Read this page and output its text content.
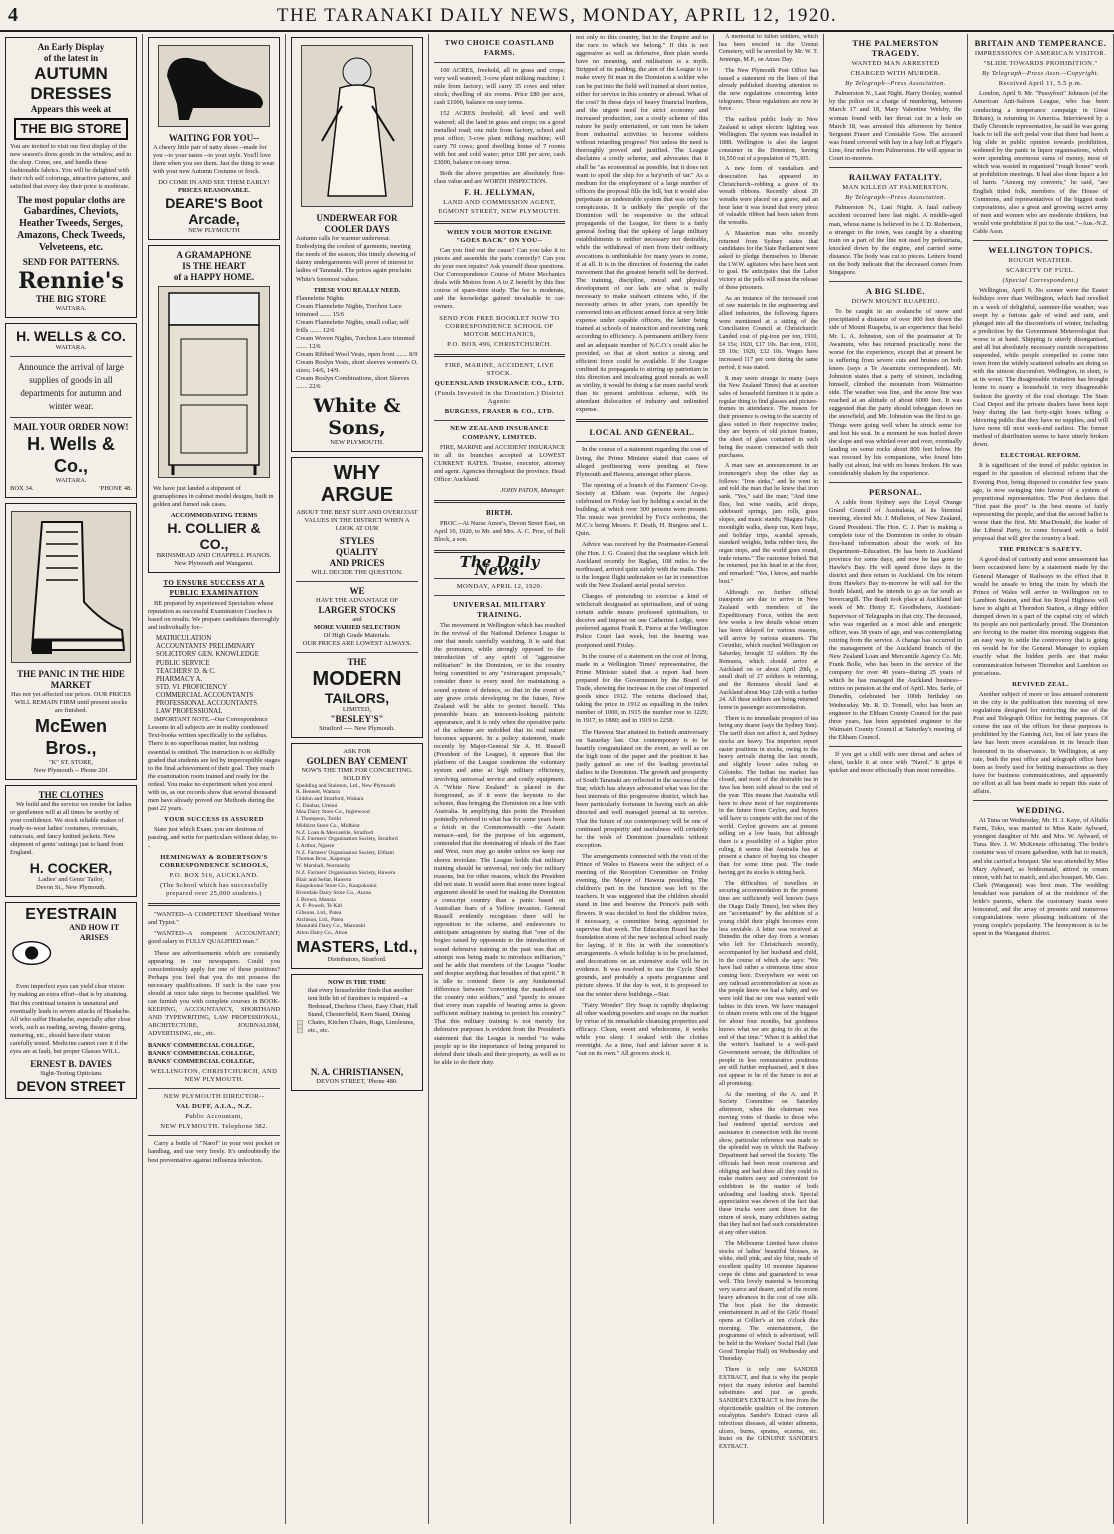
4	THE TARANAKI DAILY NEWS, MONDAY, APRIL 12, 1920.
An Early Display
of the latest in
AUTUMN
DRESSES
Appears this week at
THE BIG STORE

You are invited to visit our first display of the new season's dress goods in the window, and in the shop. Come, see, and handle these fashionable fabrics. You will be delighted with their rich self colorings, attractive patterns, and satisfied that every day their price is moderate.

The most popular cloths are
Gabardines, Cheviots, Heather Tweeds, Serges, Amazons, Check Tweeds, Velveteens, etc.
SEND FOR PATTERNS.
Rennie's
THE BIG STORE
WAITARA.
H. WELLS & CO.
WAITARA.
Announce the arrival of large supplies of goods in all departments for autumn and winter wear.
MAIL YOUR ORDER NOW!
H. Wells & Co.,
WAITARA.
BOX 34.	'PHONE 48.
THE PANIC IN THE HIDE MARKET
Has not yet affected our prices. OUR PRICES WILL REMAIN FIRM until present stocks are finished.
McEwen Bros.,
"K" ST. STORE,
New Plymouth -- Phone 201
THE CLOTHES

We build and the service we render for ladies or gentlemen will at all times be worthy of your confidence. We stock reliable makes of ready-to-wear ladies' costumes, overcoats, raincoats, and fancy knitted jackets. New shipment of gents' suitings just to hand from England.

H. COCKER,
Ladies' and Gents' Tailor,
Devon St., New Plymouth.
EYESTRAIN
AND HOW IT ARISES

Even imperfect eyes can yield clear vision by making an extra effort--that is by straining. But this continual tension is unnatural and eventually leads to severe attacks of Headache. All who suffer Headache, especially after close work, such as reading, sewing, theatre-going, motoring, etc., should have their vision carefully tested. Medicine cannot cure it if the eyes are at fault, but proper Glasses WILL.

ERNEST B. DAVIES
Sight-Testing Opticians
DEVON STREET
WAITING FOR YOU--

A cheery little pair of natty shoes --made for you --to your tastes --to your style. You'll love them when you see them. Just the thing to wear with your new Autumn Costume or frock.

DO COME IN AND SEE THEM EARLY!
PRICES REASONABLE.
DEARE'S Boot Arcade,
NEW PLYMOUTH
A GRAMAPHONE
IS THE HEART
of a HAPPY HOME.

We have just landed a shipment of gramaphones in cabinet model designs, built in golden and fumed oak cases.

ACCOMMODATING TERMS
H. COLLIER & CO.,
BRINSMEAD AND CHAPPELL PIANOS.
New Plymouth and Wanganui.
TO ENSURE SUCCESS AT A PUBLIC EXAMINATION

BE prepared by experienced Specialists whose reputation as successful Examination Coaches is based on results. We prepare candidates thoroughly and individually for--

MATRICULATION
ACCOUNTANTS' PRELIMINARY
SOLICITORS' GEN. KNOWLEDGE
PUBLIC SERVICE
TEACHERS' D. & C.
PHARMACY A.
STD. VI. PROFICIENCY
COMMERCIAL ACCOUNTANTS
PROFESSIONAL ACCOUNTANTS
LAW PROFESSIONAL

IMPORTANT NOTE.--Our Correspondence Lessons in all subjects are in reality condensed Text-books written specifically to the syllabus. There is no superfluous matter, but nothing essential is omitted. The instruction is so skilfully graded that students are led by imperceptible stages to the final achievement of their goal. They reach the examination room trained and ready for the ordeal. You make no experiment when you enrol with us, as our records show that several thousand men have already proved our Methods during the past 22 years.

YOUR SUCCESS IS ASSURED

State just which Exam. you are desirous of passing, and write for particulars without delay, to--

HEMINGWAY & ROBERTSON'S CORRESPONDENCE SCHOOLS,
P.O. BOX 516, AUCKLAND.
(The School which has successfully prepared over 25,000 students.)

"WANTED--A COMPETENT Shorthand Writer and Typist."

"WANTED--A competent ACCOUNTANT; good salary to FULLY QUALIFIED man."

These are advertisements which are constantly appearing in our newspapers. Could you conscientiously apply for one of these positions? Perhaps you feel that you do not possess the necessary qualifications. If such is the case you should at once take steps to become qualified. We can furnish you with complete courses in BOOK-KEEPING, ACCOUNTANCY, SHORTHAND AND TYPEWRITING, LAW PROFESSIONAL, ARCHITECTURE, JOURNALISM, ADVERTISING, etc., etc.

BANKS' COMMERCIAL COLLEGE,
BANKS' COMMERCIAL COLLEGE,
BANKS' COMMERCIAL COLLEGE,
WELLINGTON, CHRISTCHURCH, AND NEW PLYMOUTH.
NEW PLYMOUTH DIRECTOR--
VAL DUFF, A.I.A., N.Z.
Public Accountant,
NEW PLYMOUTH. Telephone 382.

Carry a bottle of "Narol" in your vest pocket or handbag, and use very freely. It's undoubtedly the best preventative against influenza infection.

UNDERWEAR FOR COOLER DAYS

Autumn calls for warmer underwear. Embodying the coolest of garments, meeting the needs of the season, this timely showing of dainty undergarments will prove of interest to ladies of Taranaki. The prices again proclaim White's foremost values.

THESE YOU REALLY NEED.
Flannelette Nights
Cream Flannelette Nights, Torchon Lace trimmed ....... 15/6
Cream Flannelette Nights, small collar, self frills ....... 12/6
Cream Woven Nights, Torchon Lace trimmed ....... 12/6
Cream Ribbed Wool Vests, open front ....... 8/9
Cream Roslyn Vests, short sleeves women's O. sizes; 14/6, 14/9.
Cream Roslyn Combinations, short Sleeves ....... 22/6
White & Sons,
NEW PLYMOUTH.
WHY
ARGUE
ABOUT THE BEST SUIT AND OVERCOAT VALUES IN THE DISTRICT WHEN A LOOK AT OUR
STYLES
QUALITY
AND PRICES
WILL DECIDE THE QUESTION.
WE
HAVE THE ADVANTAGE OF
LARGER STOCKS
and
MORE VARIED SELECTION
Of High Grade Materials.
OUR PRICES ARE LOWEST ALWAYS.
THE
MODERN
TAILORS,
LIMITED,
"BESLEY'S"
Stratford ---- New Plymouth.
ASK FOR
GOLDEN BAY CEMENT
NOW'S THE TIME FOR CONCRETING.
SOLD BY
Spedding and Stainton, Ltd., New Plymouth
R. Bennett, Waitara
Giddon and Stratford, Waitara
C. Dunbar, Urenui
Moa Dairy Store Co., Inglewood
J. Thompson, Toriki
Midhirst Store Co., Midhirst
N.Z. Loan & Mercantile, Stratford
N.Z. Farmers' Organisation Society, Stratford
J. Arthur, Ngaere
N.Z. Farmers' Organisation Society, Eltham
Thomas Bros., Kaponga
W. Marshall, Normanby
N.Z. Farmers' Organisation Society, Hawera
Blair and Sellar, Hawera
Kaupokonui Store Co., Kaupokonui
Riverdale Dairy Store Co., Auroa
J. Brown, Manaia
A. F. Powell, Te Kiri
Gibsons, Ltd., Patea
Atchison, Ltd., Patea
Manutahi Dairy Co., Manutahi
Alton Dairy Co., Alton
MASTERS, Ltd.,
Distributors, Stratford.
NOW IS THE TIME

that every householder finds that another tent little bit of furniture is required --a Bedstead, Duchess Chest, Easy Chair, Hall Stand, Chesterfield, Kern Stand, Dining Chairs, Kitchen Chairs, Rugs, Linoleums, etc., etc.

N. A. CHRISTIANSEN,
DEVON STREET, 'Phone 480.
TWO CHOICE COASTLAND FARMS.

100 ACRES, freehold, all in grass and crops; very well watered; 3-cow plant milking machine; 1 mile from factory; will carry 35 cows and other stock; dwelling of six rooms. Price £80 per acre, cash £1000, balance on easy terms.

152 ACRES freehold; all level and well watered; all the land in grass and crops; on a good metalled road; one mile from factory, school and post office; 3-cow plant milking machine; will carry 70 cows; good dwelling house of 7 rooms with hot and cold water; price £80 per acre, cash £3000, balance on easy terms.

Both the above properties are absolutely first-class value and are WORTH INSPECTION.

F. H. JELLYMAN,
LAND AND COMMISSION AGENT, EGMONT STREET, NEW PLYMOUTH.
WHEN YOUR MOTOR ENGINE "GOES BACK" ON YOU--

Can you find out the cause? Can you take it to pieces and assemble the parts correctly? Can you do your own repairs? Ask yourself these questions. Our Correspondence Course of Motor Mechanics deals with Motors from A to Z benefit by this fine course of spare-time study. The fee is moderate, and the knowledge gained invaluable to car-owners.

SEND FOR FREE BOOKLET NOW TO CORRESPONDENCE SCHOOL OF MOTOR MECHANICS,
P.O. BOX 496, CHRISTCHURCH.
FIRE, MARINE, ACCIDENT, LIVE STOCK.
QUEENSLAND INSURANCE CO., LTD.
(Funds Invested in the Dominion.) District Agents:
BURGESS, FRASER & CO., LTD.
NEW ZEALAND INSURANCE COMPANY, LIMITED.

FIRE, MARINE and ACCIDENT INSURANCE in all its branches accepted at LOWEST CURRENT RATES. Trustee, executor, attorney and agent. Agencies throughout the province. Head Office: Auckland.

JOHN PATON, Manager.
BIRTH.

PROC.--At Nurse Amor's, Devon Street East, on April 10, 1920, to Mr. and Mrs. A. C. Proc, of Bell Block, a son.

The Daily News.
MONDAY, APRIL 12, 1920.
UNIVERSAL MILITARY TRAINING.

The movement in Wellington which has resulted in the revival of the National Defence League is one that needs carefully watching. It is said that the promoters, while strongly opposed to the introduction of any spirit of "aggressive militarism" in the Dominion, or to the country being committed to any "extravagant proposals," consider there is every need for maintaining a sound system of defence, so that in the event of any grave crisis developing in the future, New Zealand will be able to protect herself. This preamble bears an innocent-looking patriotic appearance, and it is only when the operative parts of the scheme are unfolded that its real nature becomes apparent. In a policy statement, made recently by Major-General Sir A. H. Russell (President of the League), it appears that the platform of the League condemns the voluntary system and aims at high military efficiency, involving universal service and costly equipment. A "White New Zealand" is placed in the foreground, as if it were the keynote to the scheme, thus bringing the Dominion on a line with Australia. In amplifying this point the President pointedly referred to what has for some years been a fetish in the Commonwealth --the Asiatic menace--and, for the purpose of his argument, contended that the dominating of ideals of the East and West, ours may go under unless we keep our shores inviolate. The League holds that military training should be universal, not only for military reasons, but for other reasons, which the President did not state. It would seem that some more logical argument should be used for making the Dominion a conscript country than a panic based on Australian fears of a Yellow invasion. General Russell evidently recognises there will be opposition to the scheme, and endeavours to anticipate antagonism by stating that "one of the bogies raised by opponents to the introduction of sound defensive training in the past was that an attempt was being made to introduce militarism," and he adds that members of the League "loathe and despise anything that breathes of that spirit." It is idle to contend there is any fundamental difference between "converting the manhood of the country into soldiers," and "purely to ensure that every man capable of bearing arms is given sufficient military training to protect his country." That this military training is not merely for defensive purposes is evident from the President's statement that the League is needed "to wake people up to the importance of being prepared to defend their ideals and their property, as well as to be able to do their duty.

not only to this country, but to the Empire and to the race to which we belong." If this is not aggressive as well as defensive, then plain words have no meaning, and militarism is a myth. Stripped of its padding, the aim of the League is to make every fit man in the Dominion a soldier who can be put into the field well trained at short notice, either for service in this country or abroad. What of the cost? In these days of heavy financial burdens, and the urgent need for strict economy and increased production, can a costly scheme of this nature be justly entertained, or can men be taken from industrial activities to become soldiers without retarding progress? Not unless the need is thoroughly proved and justified. The League disclaims a costly scheme, and advocates that it shall be "as economical as possible, but it does not want to spoil the ship for a ha'p'orth of tar." As a medium for the employment of a large number of officers the proposal fills the bill, but it would also perpetuate an undesirable system that was only too conspicuous. It is unlikely the people of the Dominion will be responsive to the ethical propaganda of the League, for there is a fairly general feeling that the upkeep of large military establishments is neither necessary nor desirable, while the withdrawal of men from their ordinary avocations is unthinkable for many years to come, if at all. It is in the direction of fostering the cadet movement that the greatest benefit will be derived. The training, discipline, moral and physical development of our lads are what is really necessary to make stalwart citizens who, if the necessity arises in after years, can speedily be converted into an efficient armed force at very little expense under capable officers, the latter being trained at schools of instruction and receiving rank according to efficiency. A permanent artillery force and an adequate number of N.C.O.'s could also be provided, so that at short notice a strong and efficient force could be available. If the League confined its propaganda to stirring up patriotism in this direction and inculcating good morals as well as virility, it would be doing a far more useful work than its present ambitious scheme, with its attendant dislocation of industry and unlimited expense.

LOCAL AND GENERAL.

In the course of a statement regarding the cost of living, the Prime Minister stated that cases of alleged profiteering were pending at New Plymouth and Hawera, amongst other places.

The opening of a branch of the Farmers' Co-op. Society at Eltham was (reports the Argus) celebrated on Friday last by holding a social in the building, at which over 300 persons were present. The music was provided by Fox's orchestra, the M.C.'s being Messrs. F. Death, H. Burgess and L. Quin.

Advice was received by the Postmaster-General (the Hon. J. G. Coates) that the seaplane which left Auckland recently for Raglan, 108 miles to the northward, arrived quite safely with the mails. This is the longest flight undertaken so far in connection with the New Zealand aerial postal service.

Charges of pretending to exercise a kind of witchcraft designated as spiritualism, and of using certain subtle means professed spiritualism, to deceive and impose on one Catherine Lodge, were preferred against Frank E. Pierce at the Wellington Police Court last week, but the hearing was postponed until Friday.

In the course of a statement on the cost of living, made in a Wellington Times' representative, the Prime Minister stated that a report had been prepared for the Government by the Board of Trade, showing the increase in the cost of imported goods since 1912. The returns disclosed that, taking the price in 1912 as equalling in the index number of 1000, in 1915 the number rose to 1229; in 1917, to 1880; and in 1919 to 2258.

The Hawera Star attained its fortieth anniversary on Saturday last. Our contemporary is to be heartily congratulated on the event, as well as on the high tone of the paper and the position it has justly gained as one of the leading provincial dailies in the Dominion. The growth and prosperity of South Taranaki are reflected in the success of the Star, which has always advocated what was for the best interests of this progressive district, which has been particularly fortunate in having such an able directed and well managed journal at its service. That the future of our contemporary will be one of continued prosperity and usefulness will certainly be the wish of Dominion journalists without exception.

The arrangements connected with the visit of the Prince of Wales to Hawera were the subject of a meeting of the Reception Committee on Friday evening, the Mayor of Hawera presiding. The children's part in the function was left to the teachers. It was suggested that the children should stand in line and bestrew the Prince's path with flowers. It was decided to feed the children twice, if necessary, a committee being appointed to supervise that work. The Education Board has the foundation stone of the new technical school ready for laying, if it fits in with the committee's arrangements. A whole holiday is to be proclaimed, and decorations on an extensive scale will be in evidence. It was resolved to use the Cycle Shed grounds, and probably a sports programme and picture shows. If the day is wet, it is proposed to use the winter show buildings.--Star.

"Fairy Wonder" Dry Soap is rapidly displacing all other washing powders and soaps on the market by virtue of its remarkable cleansing properties and efficacy. Clean, sweet and wholesome, it works while you sleep. I soaked with the clothes overnight. As a time, fuel and labour saver it is "out on its own." All grocers stock it.

A memorial to fallen soldiers, which has been erected in the Urenui Cemetery, will be unveiled by Mr. W. T. Jennings, M.P., on Anzac Day.

The New Plymouth Post Office has issued a statement on the lines of that already published drawing attention to the new regulations concerning letter telegrams. These regulations are now in force.

The earliest public body in New Zealand to adopt electric lighting was Wellington. The system was installed in 1888. Wellington is also the largest consumer in the Dominion, having 16,550 out of a population of 75,305.

A new form of vandalism and desecration has appeared in Christchurch--robbing a grave of its wreath ribbons. Recently about 20 wreaths were placed on a grave, and an hour later it was found that every piece of valuable ribbon had been taken from the wreaths.

A Masterton man who recently returned from Sydney states that candidates for the State Parliament were asked to pledge themselves to liberate the I.W.W. agitators who have been sent to goal. He anticipates that the Labor victory at the polls will mean the release of these prisoners.

As an instance of the increased cost of raw materials in the engineering and allied industries, the following figures were mentioned at a sitting of the Conciliation Council at Christchurch: Landed cost of pig-iron per ton, 1910, £4 15s; 1920, £17 10s. Bar iron, 1910, £8 10s; 1920, £32 10s. Wages have increased 117 per cent during the same period, it was stated.

It may seem strange to many (says the New Zealand Times) that at auction sales of household furniture it is quite a regular thing to find glasses and picture-frames in attendance. The reason for their presence is owing to the scarcity of glass suited to their respective trades; they are buyers of old picture frames, the sheet of glass contained in such being the reason connected with their purchases.

A man saw an announcement in an ironmonger's shop the other day as follows: "Iron sinks," and he went in and told the man that he knew that iron sank. "Yes," said the man; "And time flies, but wine vaults, acid drops, sideboard springs, jam rolls, grass slopes, and music stands; Niagara Falls, moonlight walks, sheep run, Kent hops, and holiday trips, scandal spreads, standard weights, India rubber tires, the organ stops, and the world goes round, trade returns." The customer bolted. But he returned, put his head in at the door, and remarked: "Yes, I know, and marble bust."

Although no further official transports are due to arrive in New Zealand with members of the Expeditionary Force, within the next few weeks a few details whose return has been delayed for various reasons, will arrive by various steamers. The Corinthic, which reached Wellington on Saturday, brought 32 soldiers. By the Remuera, which should arrive at Auckland on or about April 20th, a small draft of 27 soldiers is returning, and the Remuera should land at Auckland about May 12th with a further 24. All these soldiers are being returned home in passenger accommodation.

There is no immediate prospect of tea being any dearer (says the Sydney Sun). The tariff does not affect it, and Sydney stocks are heavy. Tea importers report easier positions in stocks, owing to the heavy arrivals during the last month, and slightly lower sales ruling in Colombo. The Indian tea market has closed, and most of the desirable tea in Java has been sold ahead to the end of the year. This means that Australia will have to draw most of her requirements in the future from Ceylon, and buyers will have to compete with the rest of the world. Ceylon growers are at present selling on a low basis, but although there is a possibility of a higher price ruling, it seems that Australia has at present a chance of buying tea cheaper than for some time past. The trade having got its stocks is sitting back.

The difficulties of travellers in securing accommodation in the present time are sufficiently well known (says the Otago Daily Times), but when they are "accentuated" by the addition of a young child their plight becomes even less enviable. A letter was received at Dunedin the other day from a woman who left for Christchurch recently, accompanied by her husband and child, in the course of which she says: "We have had rather a strenuous time since coming here. Everywhere we went on any railroad accommodation as soon as the people knew we had a baby, and we were told that no one was wanted with babies in this town. We have managed to obtain rooms with one of the biggest for about four months, but goodness knows what we are going to do at the end of that time." When it is added that the writer's husband is a well-paid Government servant, the difficulties of people in less remunerative positions are still further emphasised, and it does not appear to be of the future is not at all promising.

At the meeting of the A. and P. Society Committee on Saturday afternoon, when the chairman was moving votes of thanks to those who had rendered special services and assistance in connection with the recent show, particular reference was made to the splendid way in which the Railway Department had served the Society. The officials had been most courteous and obliging and had done all they could to make matters easy and convenient for exhibitors in the matter of both unloading and loading stock. Special appreciation was shown of the fact that these trucks were sent down for the return of stock, many exhibitors stating that they had not had such consideration at any other station.

The Melbourne Limited have choice stocks of ladies' beautiful blouses, in white, shell pink, and sky blue, made of excellent quality 10 momme Japanese crepe de chine and guaranteed to wear well. This lovely material is becoming very scarce and dearer, and of the recent heavy advances in the cost of raw silk. The box plait for the domestic entertainment in aid of the Girls' Hostel opens at Collier's at ten o'clock this morning. The entertainment, the programme of which is advertised, will be held in the Workers' Social Hall (late Good Templar Hall) on Wednesday and Thursday.

There is only one SANDER EXTRACT, and that is why the people reject the many inferior and harmful substitutes and just as goods. SANDER'S EXTRACT is free from the objectionable qualities of the common eucalyptus. Sander's Extract cures all infectious diseases, all winter ailments, ulcers, burns, sprains, eczema, etc. Insist on the GENUINE SANDER'S EXTRACT.

THE PALMERSTON TRAGEDY.
WANTED MAN ARRESTED
CHARGED WITH MURDER.
By Telegraph--Press Association.

Palmerston N., Last Night. Harry Dooley, wanted by the police on a charge of murdering, between March 17 and 18, Mary Valentine Welsby, the woman found with her throat cut in a hole on March 18, was arrested this afternoon by Senior Sergeant Fraser and Constable Gow. The accused was found covered with hay in a hay loft at Flygar's Line, four miles from Palmerston. He will appear in Court to-morrow.

RAILWAY FATALITY.
MAN KILLED AT PALMERSTON.
By Telegraph--Press Association.

Palmerston N., Last Night. A fatal railway accident occurred here last night. A middle-aged man, whose name is believed to be J. D. Robertson, a stranger to the town, was caught by a shunting train on a part of the line not used by pedestrians, knocked down by the engine, and carried some distance. The body was cut to pieces. Letters found on the body indicate that the deceased comes from Singapore.

A BIG SLIDE.
DOWN MOUNT RUAPEHU.

To be caught in an avalanche of snow and precipitated a distance of over 800 feet down the side of Mount Ruapehu, is an experience that befel Mr. L. A. Johnston, son of the postmaster at Te Awamutu, who has returned practically none the worse for the experience, except that at present he is suffering from severe cuts and bruises on both knees (says a Te Awamutu correspondent). Mr. Johnston states that a party of sixteen, including himself, climbed the mountain from Waimarino side. The weather was fine, and the snow line was reached at an altitude of about 6000 feet. It was suggested that the party should toboggan down on the snowfield, and Mr. Johnston was the first to go. Things were going well when he struck some ice and lost his seat. In a moment he was hurled down the slope and was whirled over and over, eventually landing on some rocks about 800 feet below. He was rescued by his companions, who found him badly cut about, but with no bones broken. He was considerably shaken by the experience.

PERSONAL.

A cable from Sydney says the Loyal Orange Grand Council of Australasia, at its biennial meeting, elected Mr. J. Midleton, of New Zealand, Grand President. The Hon. C. J. Parr is making a complete tour of the Dominion in order to obtain first-hand information about the work of his Department--Education. He has been in Auckland province for some days, and now he has gone to Hawke's Bay. He will spend three days in the district and then return to Auckland. On his return from Hawke's Bay to-morrow he will sail for the South Island, and he intends to go as far south as Invercargill. The death took place at Auckland last week of Mr. Henry E. Goodbehere, Assistant-Supervisor of Telegraphs in that city. The deceased, who was regarded as a most able and energetic officer, was 38 years of age, and was contemplating retiring from the service. A change has occurred in the management of the Auckland branch of the New Zealand Loan and Mercantile Agency Co. Mr. Frank Bolle, who has been in the service of the company for over 40 years--during 25 years of which he has managed the Auckland business--retires on pension at the end of April. Mrs. Serle, of Dunedin, celebrated her 100th birthday on Wednesday. Mr. R. D. Tonnell, who has been an engineer to the Eltham County Council for the past three years, has been appointed engineer to the Waimairi County Council at Saturday's meeting of the Eltham Council.

If you get a chill with sore throat and aches of chest, tackle it at once with "Narol." It grips it quicker and more effectually than most remedies.

BRITAIN AND TEMPERANCE.
IMPRESSIONS OF AMERICAN VISITOR.
"SLIDE TOWARDS PROHIBITION."
By Telegraph--Press Assn.--Copyright.
Received April 11, 5.5 p.m.

London, April 9. Mr. "Pussyfoot" Johnson (of the American Anti-Saloon League, who has been conducting a temperance campaign in Great Britain), is returning to America. Interviewed by a Daily Chronicle representative, he said he was going back to tell the soft pedal vote that there had been a big slide in public opinion towards prohibition, widened by the panic in liquor organisations, which were spending enormous sums of money, most of which was wasted in organised "rough house" work at prohibition meetings. It had also done liquor a lot of harm. "Among my converts," he said, "are English titled folk, members of the House of Commons, and representatives of the biggest trade corporations, also a great and growing secret army of men and women who are moderate drinkers, but would vote prohibition if put to the test."--Aus.-N.Z. Cable Assn.

WELLINGTON TOPICS.
ROUGH WEATHER.
SCARCITY OF FUEL.
(Special Correspondent.)

Wellington, April 9. No sooner were the Easter holidays over than Wellington, which had revelled in a week of delightful, summer-like weather, was swept by a furious gale of wind and rain, and plunged into all the discomforts of winter, including a prediction by the Government Meteorologist that worse is at hand. Shipping is utterly disorganised, and all but absolutely necessary outside occupations suspended, while people compelled to come into town from the widely scattered suburbs are doing so with the utmost discomfort. Wellington, in short, is at its worst. The disagreeable visitation has brought home to many a household in very disagreeable fashion the gravity of the coal shortage. The State Coal Depot and the private dealers have been kept busy during the last forty-eight hours telling a shivering public that they have no supplies, and will have none till next week-end earliest. The former method of distribution seems to have utterly broken down.

ELECTORAL REFORM.

It is significant of the trend of public opinion in regard to the question of electoral reform that the Evening Post, being disposed to consider few years ago, is now swinging into favour of a system of proportional representation. The Post declares that "first past the post" is the best means of fairly representing the people, and that the second ballot is worse than the first. Mr. MacDonald, the leader of the Liberal Party, to come forward with a bold proposal that will give the country a lead.

THE PRINCE'S SAFETY.

A good deal of curiosity and some amusement has been occasioned here by a statement made by the General Manager of Railways to the effect that it would be unsafe to bring the train by which the Prince of Wales will arrive in Wellington on to Lambton Station, and that his Royal Highness will have to alight at Thorndon Station, a dingy edifice dumped down in a part of the capital city of which its people are not particularly proud. The Dominion are forcing to the matter this morning suggests that an easy way to settle the controversy that is going on would be for the General Manager to explain exactly what the hidden perils are that make communication between Thorndon and Lambton so precarious.

REVIVED ZEAL.

Another subject of more or less amused comment in the city is the publication this morning of new regulations designed for restricting the use of the Post and Telegraph Office for betting purposes. Of course the use of the offices for these purposes is prohibited by the Gaming Act, but of late years the law has been more scandalous in its breach than honoured in its observance. In Wellington, at any rate, both the post office and telegraph office have been as freely used for betting transactions as they have for business communications, and apparently no effort at all has been made to repair this state of affairs.

WEDDING.

At Tuna on Wednesday, Mr. H. J. Kaye, of Alfalfa Farm, Toko, was married to Miss Katie Aylward, youngest daughter of Mr. and Mrs. W. Aylward, of Tuna. Rev. J. W. McKenzie officiating. The bride's costume was of cream gabardine, with hat to match, and she carried a bouquet. She was attended by Miss Mary Aylward, as bridesmaid, attired in cream ninon, with hat to match, and also bouquet. Mr. Geo. Clark (Wanganui) was best man. The wedding breakfast was partaken of at the residence of the bride's parents, where the customary toasts were honoured, and the array of presents and numerous congratulations were pleasing indications of the young couple's popularity. The honeymoon is to be spent in the Wanganui district.
